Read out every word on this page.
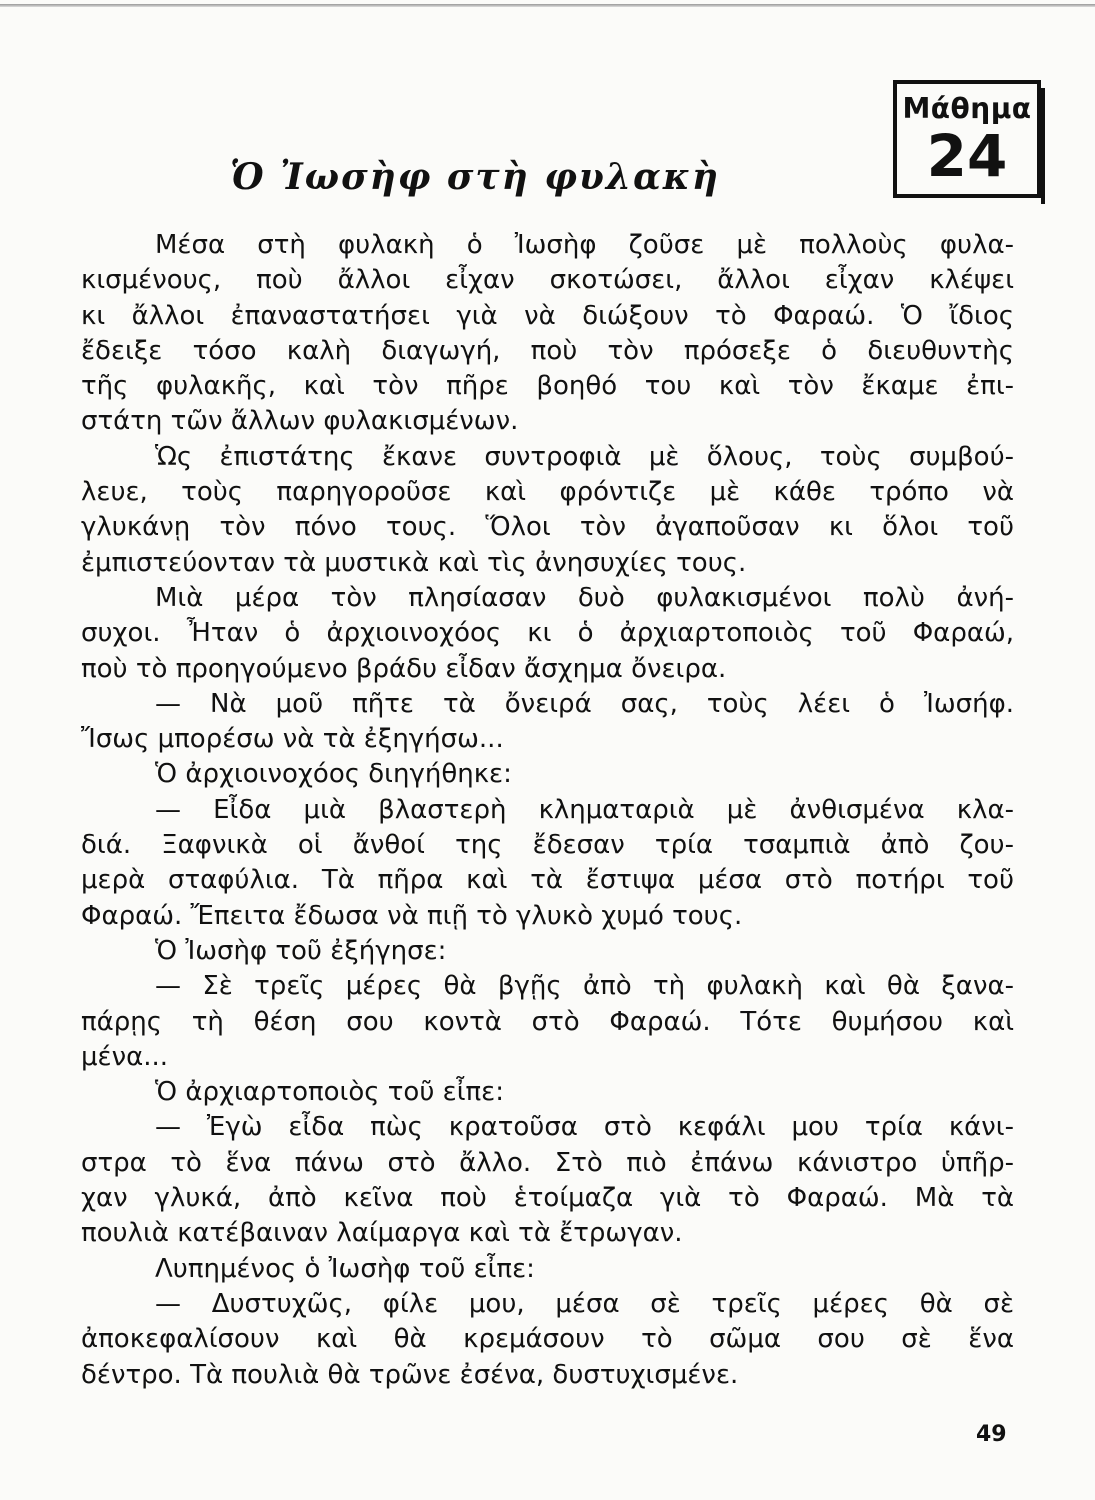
Μάθημα
24
Ὁ Ἰωσὴφ στὴ φυλακὴ
Μέσα στὴ φυλακὴ ὁ Ἰωσὴφ ζοῦσε μὲ πολλοὺς φυλα-
κισμένους, ποὺ ἄλλοι εἶχαν σκοτώσει, ἄλλοι εἶχαν κλέψει
κι ἄλλοι ἐπαναστατήσει γιὰ νὰ διώξουν τὸ Φαραώ. Ὁ ἴδιος
ἔδειξε τόσο καλὴ διαγωγή, ποὺ τὸν πρόσεξε ὁ διευθυντὴς
τῆς φυλακῆς, καὶ τὸν πῆρε βοηθό του καὶ τὸν ἔκαμε ἐπι-
στάτη τῶν ἄλλων φυλακισμένων.
Ὡς ἐπιστάτης ἔκανε συντροφιὰ μὲ ὅλους, τοὺς συμβού-
λευε, τοὺς παρηγοροῦσε καὶ φρόντιζε μὲ κάθε τρόπο νὰ
γλυκάνῃ τὸν πόνο τους. Ὅλοι τὸν ἀγαποῦσαν κι ὅλοι τοῦ
ἐμπιστεύονταν τὰ μυστικὰ καὶ τὶς ἀνησυχίες τους.
Μιὰ μέρα τὸν πλησίασαν δυὸ φυλακισμένοι πολὺ ἀνή-
συχοι. Ἦταν ὁ ἀρχιοινοχόος κι ὁ ἀρχιαρτοποιὸς τοῦ Φαραώ,
ποὺ τὸ προηγούμενο βράδυ εἶδαν ἄσχημα ὄνειρα.
— Νὰ μοῦ πῆτε τὰ ὄνειρά σας, τοὺς λέει ὁ Ἰωσήφ.
Ἴσως μπορέσω νὰ τὰ ἐξηγήσω...
Ὁ ἀρχιοινοχόος διηγήθηκε:
— Εἶδα μιὰ βλαστερὴ κληματαριὰ μὲ ἀνθισμένα κλα-
διά. Ξαφνικὰ οἱ ἄνθοί της ἔδεσαν τρία τσαμπιὰ ἀπὸ ζου-
μερὰ σταφύλια. Τὰ πῆρα καὶ τὰ ἔστιψα μέσα στὸ ποτήρι τοῦ
Φαραώ. Ἔπειτα ἔδωσα νὰ πιῇ τὸ γλυκὸ χυμό τους.
Ὁ Ἰωσὴφ τοῦ ἐξήγησε:
— Σὲ τρεῖς μέρες θὰ βγῇς ἀπὸ τὴ φυλακὴ καὶ θὰ ξανα-
πάρῃς τὴ θέση σου κοντὰ στὸ Φαραώ. Τότε θυμήσου καὶ
μένα...
Ὁ ἀρχιαρτοποιὸς τοῦ εἶπε:
— Ἐγὼ εἶδα πὼς κρατοῦσα στὸ κεφάλι μου τρία κάνι-
στρα τὸ ἕνα πάνω στὸ ἄλλο. Στὸ πιὸ ἐπάνω κάνιστρο ὑπῆρ-
χαν γλυκά, ἀπὸ κεῖνα ποὺ ἑτοίμαζα γιὰ τὸ Φαραώ. Μὰ τὰ
πουλιὰ κατέβαιναν λαίμαργα καὶ τὰ ἔτρωγαν.
Λυπημένος ὁ Ἰωσὴφ τοῦ εἶπε:
— Δυστυχῶς, φίλε μου, μέσα σὲ τρεῖς μέρες θὰ σὲ
ἀποκεφαλίσουν καὶ θὰ κρεμάσουν τὸ σῶμα σου σὲ ἕνα
δέντρο. Τὰ πουλιὰ θὰ τρῶνε ἐσένα, δυστυχισμένε.
49
